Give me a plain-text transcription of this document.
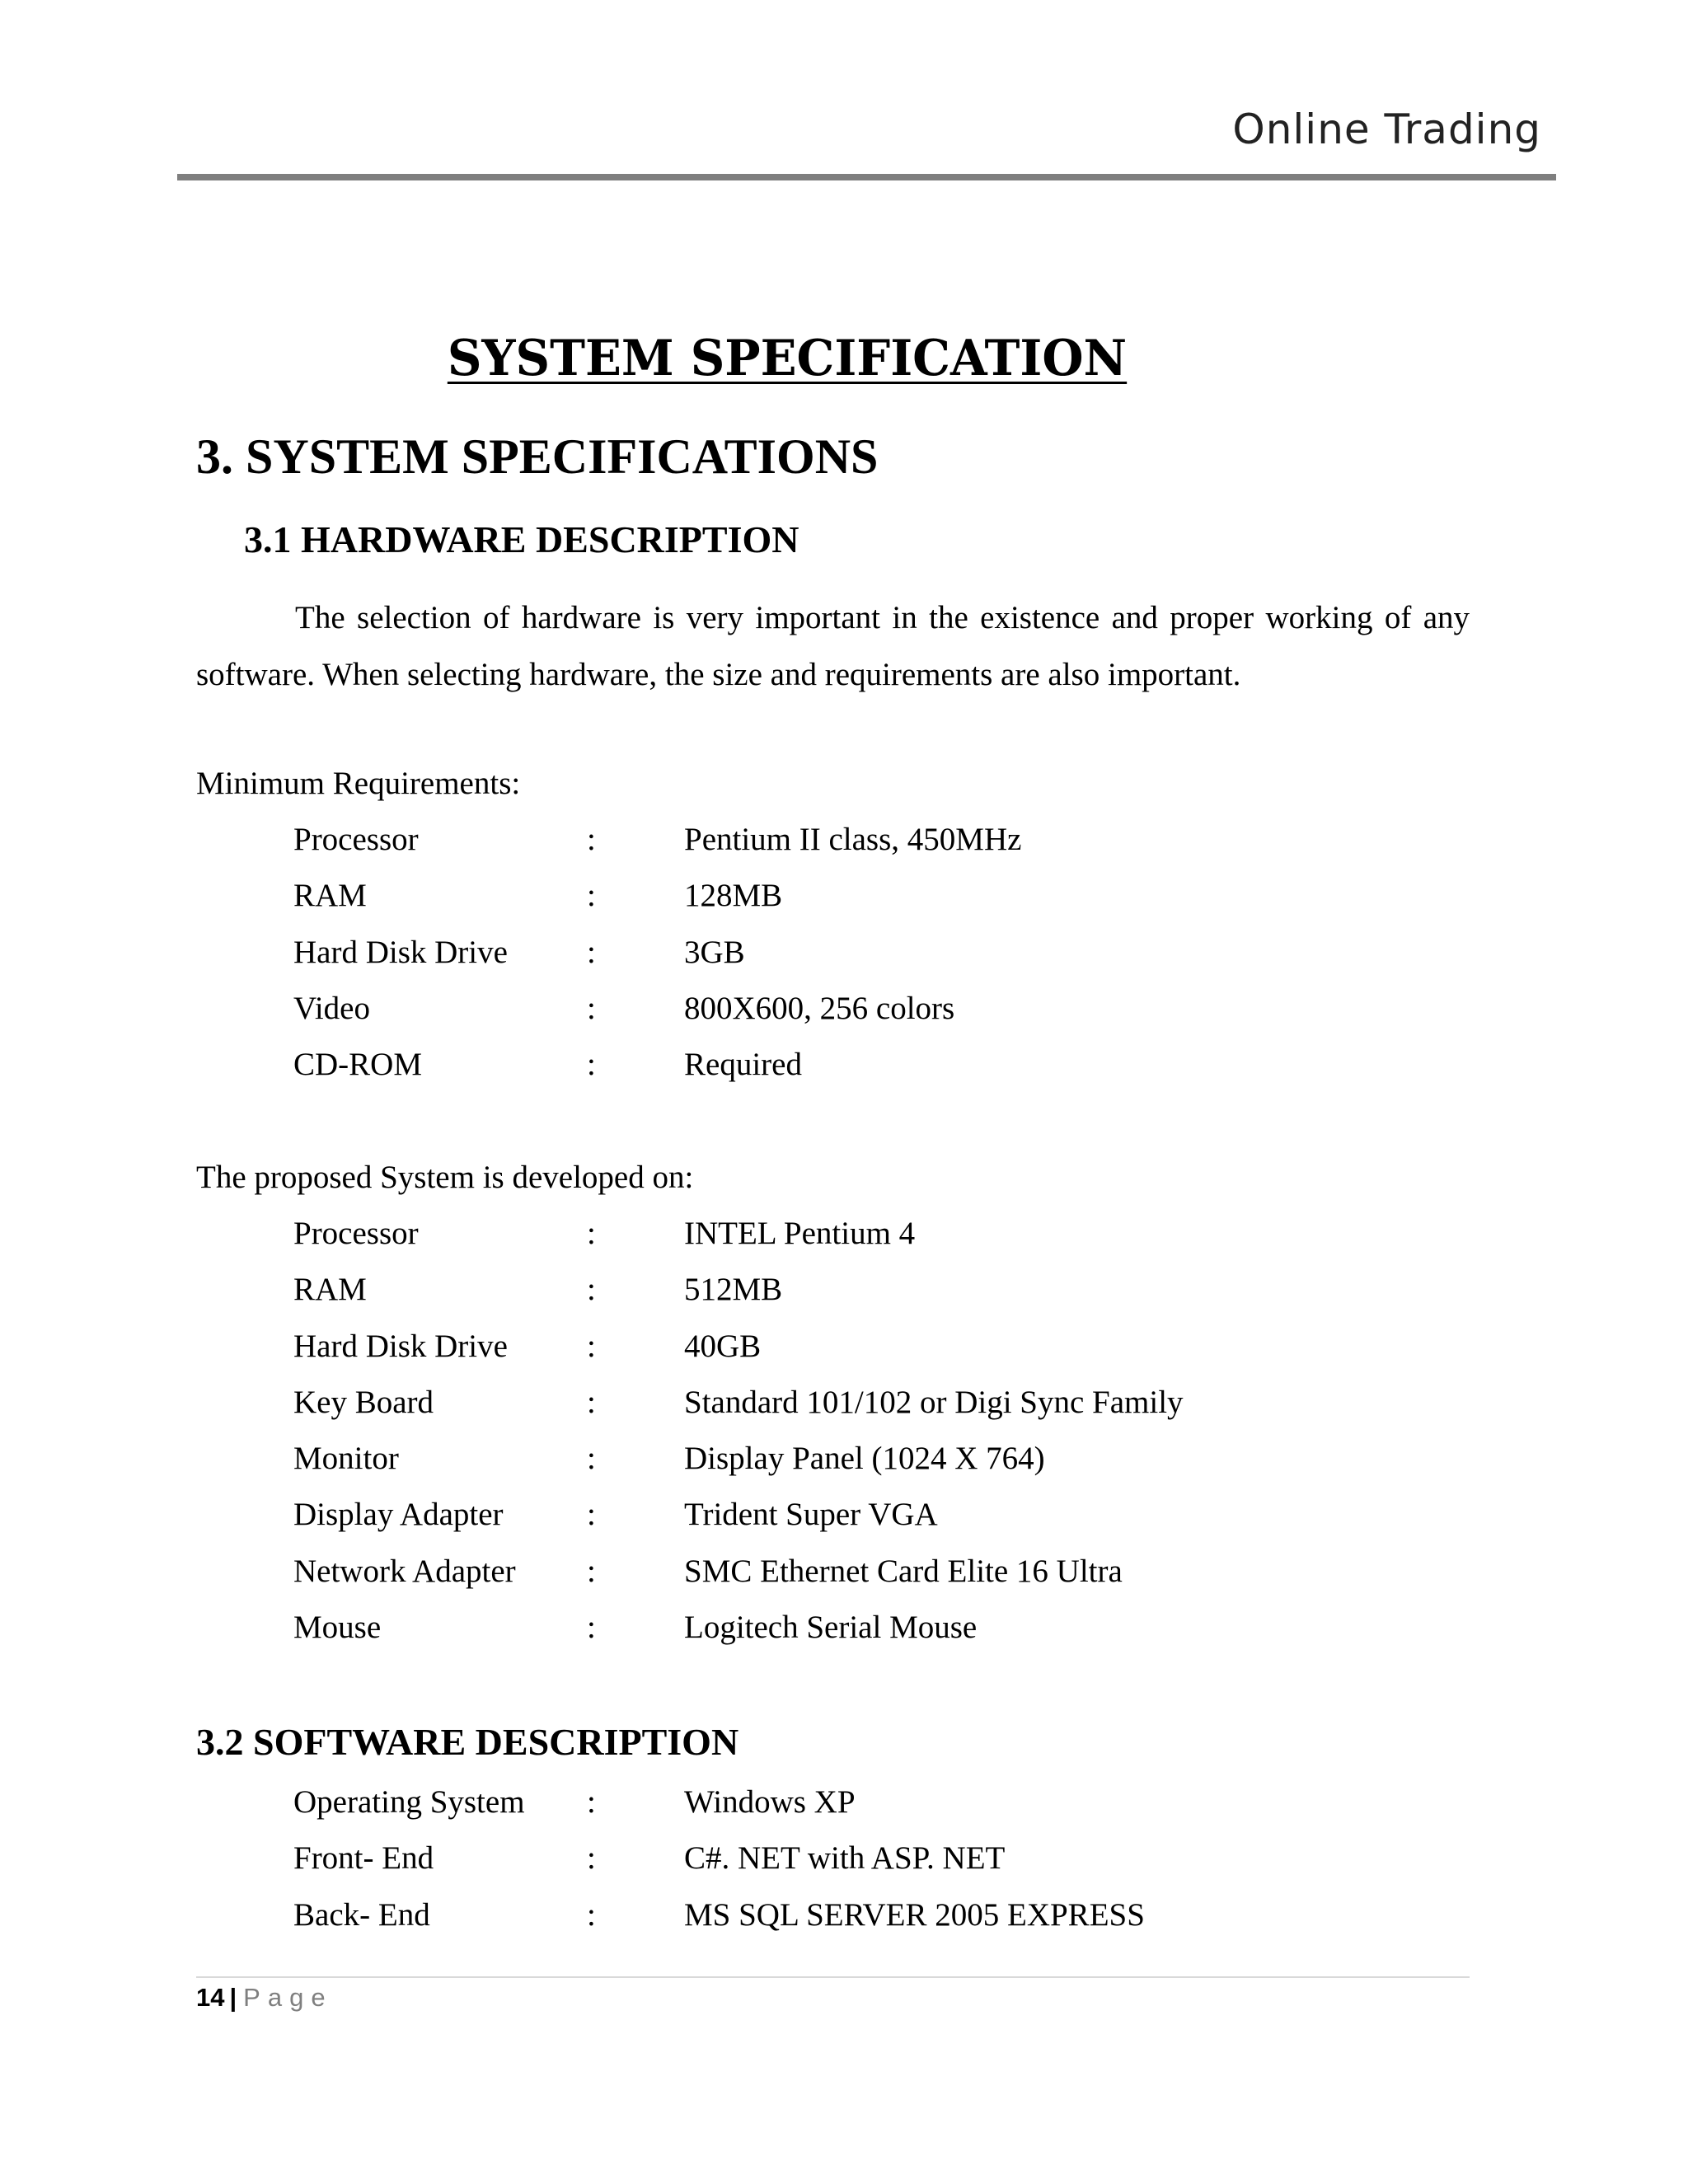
Online Trading
SYSTEM SPECIFICATION
3. SYSTEM SPECIFICATIONS
3.1 HARDWARE DESCRIPTION

The selection of hardware is very important in the existence and proper working of any software. When selecting hardware, the size and requirements are also important.

Minimum Requirements:
Processor	:	Pentium II class, 450MHz
RAM	:	128MB
Hard Disk Drive :	3GB
Video	:	800X600, 256 colors
CD-ROM	:	Required
The proposed System is developed on:
Processor	:	INTEL Pentium 4
RAM	:	512MB
Hard Disk Drive :	40GB
Key Board	:	Standard 101/102 or Digi Sync Family
Monitor	:	Display Panel (1024 X 764)
Display Adapter	:	Trident Super VGA
Network Adapter :	SMC Ethernet Card Elite 16 Ultra
Mouse	:	Logitech Serial Mouse
3.2 SOFTWARE DESCRIPTION
Operating System :	Windows XP
Front- End	:	C#. NET with ASP. NET
Back- End	:	MS SQL SERVER 2005 EXPRESS
14 | Page
